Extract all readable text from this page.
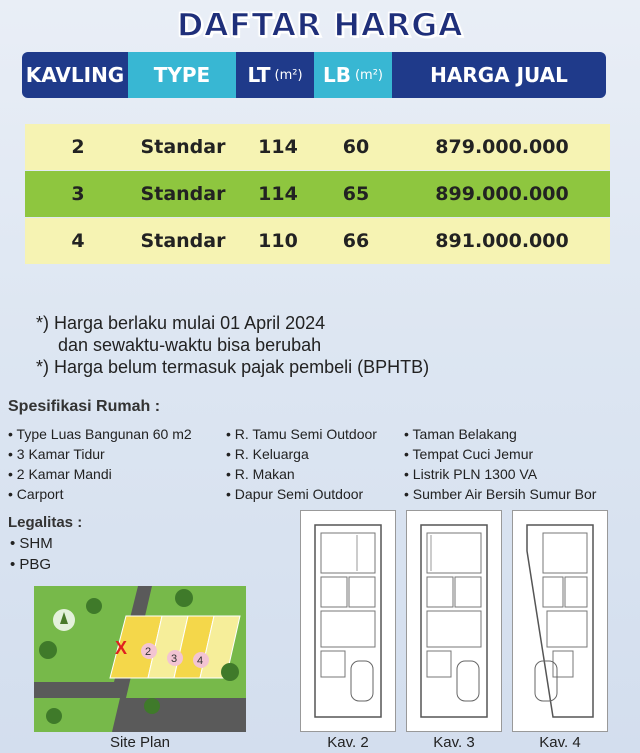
DAFTAR HARGA
KAVLING TYPE LT (m²) LB (m²) HARGA JUAL
2	Standar	114	60	879.000.000
3	Standar	114	65	899.000.000
4	Standar	110	66	891.000.000
*) Harga berlaku mulai 01 April 2024
dan sewaktu-waktu bisa berubah
*) Harga belum termasuk pajak pembeli (BPHTB)
Spesifikasi Rumah :
• Type Luas Bangunan 60 m2
• 3 Kamar Tidur
• 2 Kamar Mandi
• Carport
• R. Tamu Semi Outdoor
• R. Keluarga
• R. Makan
• Dapur Semi Outdoor
• Taman Belakang
• Tempat Cuci Jemur
• Listrik PLN 1300 VA
• Sumber Air Bersih Sumur Bor
Legalitas :
• SHM
• PBG
X 2
3 4
Site Plan	Kav. 2	Kav. 3	Kav. 4
